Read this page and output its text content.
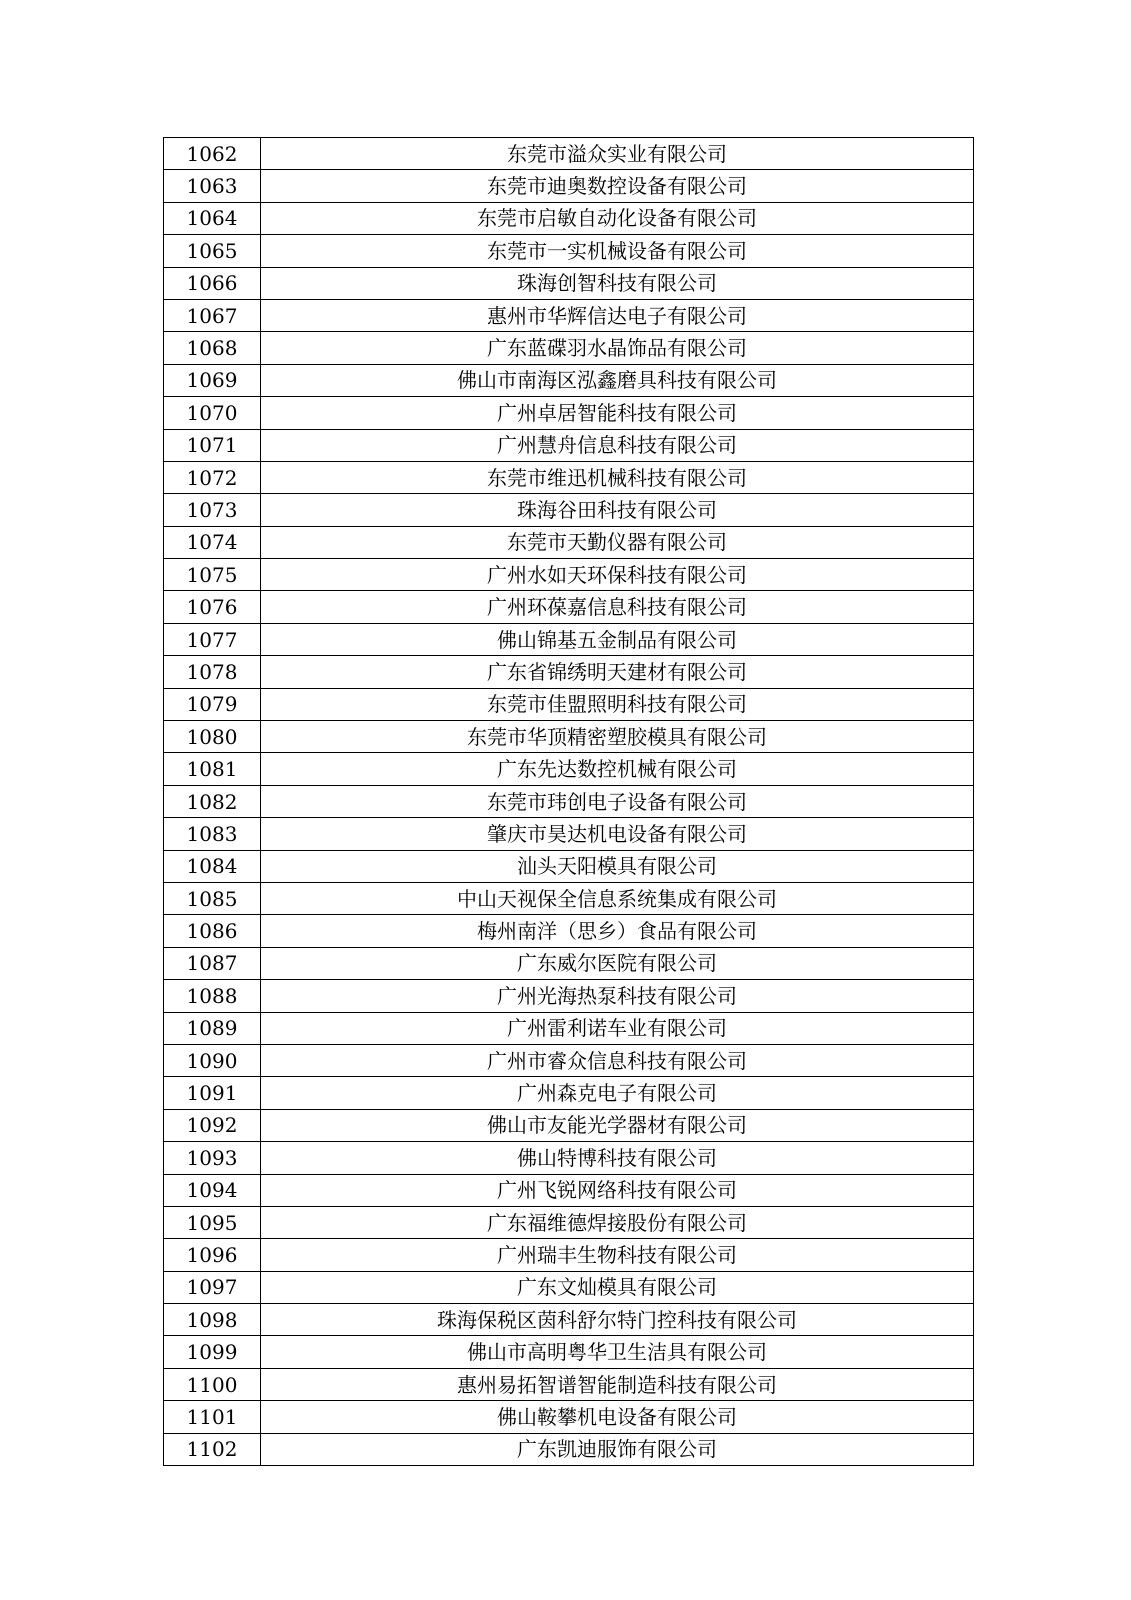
1062	东莞市溢众实业有限公司
1063	东莞市迪奥数控设备有限公司
1064	东莞市启敏自动化设备有限公司
1065	东莞市一实机械设备有限公司
1066	珠海创智科技有限公司
1067	惠州市华辉信达电子有限公司
1068	广东蓝碟羽水晶饰品有限公司
1069	佛山市南海区泓鑫磨具科技有限公司
1070	广州卓居智能科技有限公司
1071	广州慧舟信息科技有限公司
1072	东莞市维迅机械科技有限公司
1073	珠海谷田科技有限公司
1074	东莞市天勤仪器有限公司
1075	广州水如天环保科技有限公司
1076	广州环葆嘉信息科技有限公司
1077	佛山锦基五金制品有限公司
1078	广东省锦绣明天建材有限公司
1079	东莞市佳盟照明科技有限公司
1080	东莞市华顶精密塑胶模具有限公司
1081	广东先达数控机械有限公司
1082	东莞市玮创电子设备有限公司
1083	肇庆市昊达机电设备有限公司
1084	汕头天阳模具有限公司
1085	中山天视保全信息系统集成有限公司
1086	梅州南洋（思乡）食品有限公司
1087	广东威尔医院有限公司
1088	广州光海热泵科技有限公司
1089	广州雷利诺车业有限公司
1090	广州市睿众信息科技有限公司
1091	广州森克电子有限公司
1092	佛山市友能光学器材有限公司
1093	佛山特博科技有限公司
1094	广州飞锐网络科技有限公司
1095	广东福维德焊接股份有限公司
1096	广州瑞丰生物科技有限公司
1097	广东文灿模具有限公司
1098	珠海保税区茵科舒尔特门控科技有限公司
1099	佛山市高明粤华卫生洁具有限公司
1100	惠州易拓智谱智能制造科技有限公司
1101	佛山鞍攀机电设备有限公司
1102	广东凯迪服饰有限公司
